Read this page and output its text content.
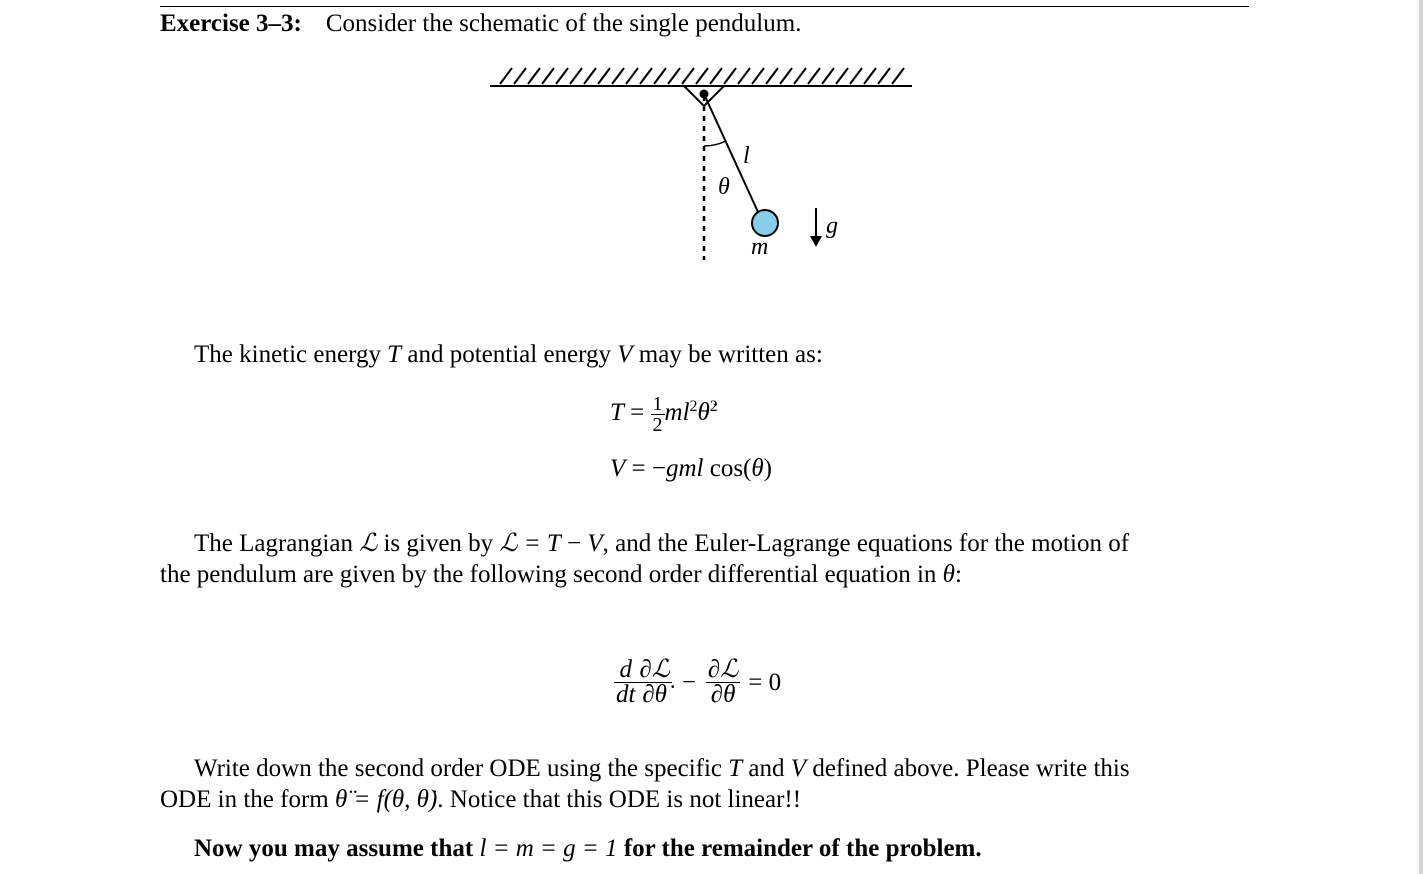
Exercise 3–3: Consider the schematic of the single pendulum.
l
θ
m
g
The kinetic energy T and potential energy V may be written as:
$T = \frac{1}{2}$ $ml^2\thetȧ^2$
V = −gml cos(θ)
The Lagrangian ℒ is given by ℒ = T − V, and the Euler-Lagrange equations for the motion of
the pendulum are given by the following second order differential equation in θ:
$\frac{d}{dt} \frac{\text{∂ℒ}}{\partial\thetȧ} - \frac{\text{∂ℒ}}{\partial\theta} = 0$
Write down the second order ODE using the specific T and V defined above. Please write this
ODE in the form θ̈ = f(θ, θ̇). Notice that this ODE is not linear!!
Now you may assume that l = m = g = 1 for the remainder of the problem.
